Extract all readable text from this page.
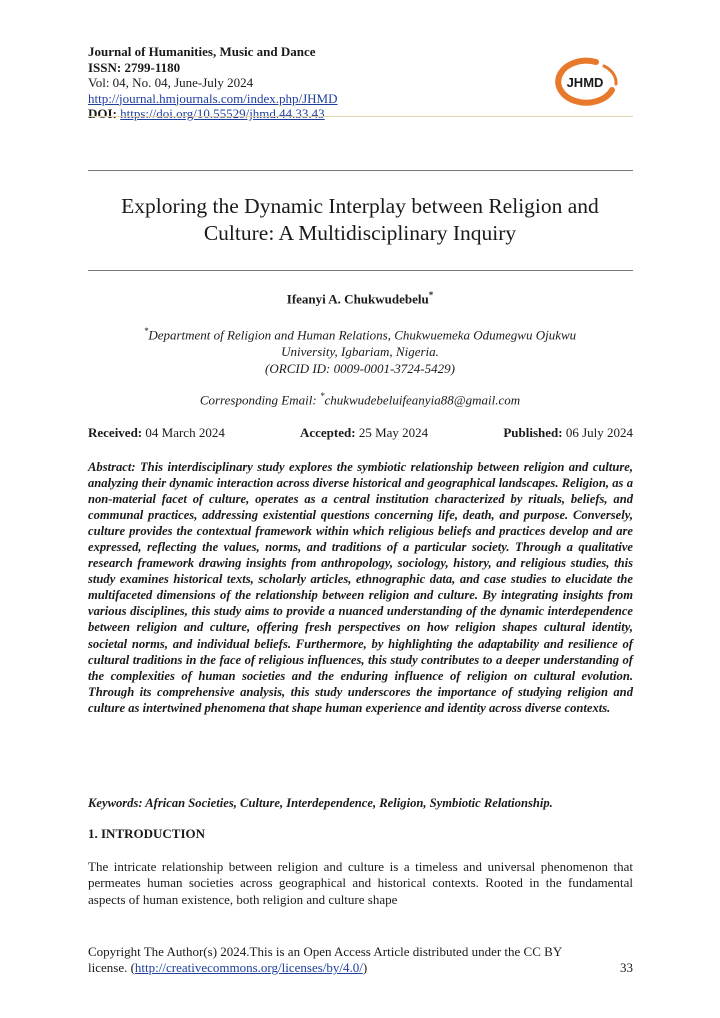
Journal of Humanities, Music and Dance
ISSN: 2799-1180
Vol: 04, No. 04, June-July 2024
http://journal.hmjournals.com/index.php/JHMD
DOI: https://doi.org/10.55529/jhmd.44.33.43
JHMD
Exploring the Dynamic Interplay between Religion and
Culture: A Multidisciplinary Inquiry
Ifeanyi A. Chukwudebelu*
*Department of Religion and Human Relations, Chukwuemeka Odumegwu Ojukwu
University, Igbariam, Nigeria.
(ORCID ID: 0009-0001-3724-5429)
Corresponding Email: *chukwudebeluifeanyia88@gmail.com
Received: 04 March 2024	Accepted: 25 May 2024	Published: 06 July 2024
Abstract: This interdisciplinary study explores the symbiotic relationship between religion and culture, analyzing their dynamic interaction across diverse historical and geographical landscapes. Religion, as a non-material facet of culture, operates as a central institution characterized by rituals, beliefs, and communal practices, addressing existential questions concerning life, death, and purpose. Conversely, culture provides the contextual framework within which religious beliefs and practices develop and are expressed, reflecting the values, norms, and traditions of a particular society. Through a qualitative research framework drawing insights from anthropology, sociology, history, and religious studies, this study examines historical texts, scholarly articles, ethnographic data, and case studies to elucidate the multifaceted dimensions of the relationship between religion and culture. By integrating insights from various disciplines, this study aims to provide a nuanced understanding of the dynamic interdependence between religion and culture, offering fresh perspectives on how religion shapes cultural identity, societal norms, and individual beliefs. Furthermore, by highlighting the adaptability and resilience of cultural traditions in the face of religious influences, this study contributes to a deeper understanding of the complexities of human societies and the enduring influence of religion on cultural evolution. Through its comprehensive analysis, this study underscores the importance of studying religion and culture as intertwined phenomena that shape human experience and identity across diverse contexts.
Keywords: African Societies, Culture, Interdependence, Religion, Symbiotic Relationship.
1. INTRODUCTION
The intricate relationship between religion and culture is a timeless and universal phenomenon that permeates human societies across geographical and historical contexts. Rooted in the fundamental aspects of human existence, both religion and culture shape
Copyright The Author(s) 2024.This is an Open Access Article distributed under the CC BY
license. (http://creativecommons.org/licenses/by/4.0/)	33
